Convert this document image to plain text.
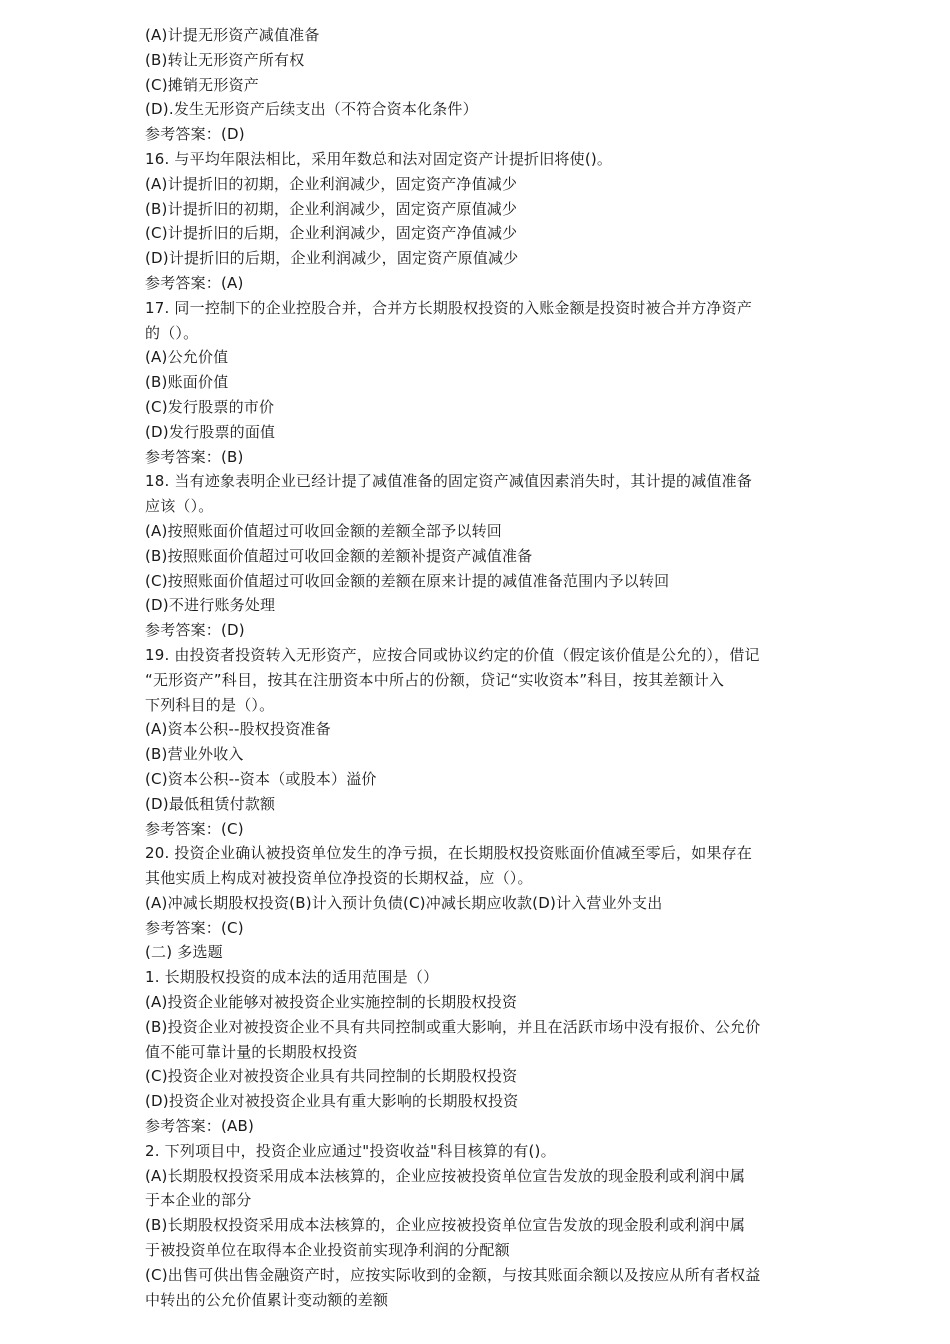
(A)计提无形资产减值准备
(B)转让无形资产所有权
(C)摊销无形资产
(D).发生无形资产后续支出（不符合资本化条件）
参考答案：(D)
16. 与平均年限法相比，采用年数总和法对固定资产计提折旧将使()。
(A)计提折旧的初期，企业利润减少，固定资产净值减少
(B)计提折旧的初期，企业利润减少，固定资产原值减少
(C)计提折旧的后期，企业利润减少，固定资产净值减少
(D)计提折旧的后期，企业利润减少，固定资产原值减少
参考答案：(A)
17. 同一控制下的企业控股合并，合并方长期股权投资的入账金额是投资时被合并方净资产
的（）。
(A)公允价值
(B)账面价值
(C)发行股票的市价
(D)发行股票的面值
参考答案：(B)
18. 当有迹象表明企业已经计提了减值准备的固定资产减值因素消失时，其计提的减值准备
应该（）。
(A)按照账面价值超过可收回金额的差额全部予以转回
(B)按照账面价值超过可收回金额的差额补提资产减值准备
(C)按照账面价值超过可收回金额的差额在原来计提的减值准备范围内予以转回
(D)不进行账务处理
参考答案：(D)
19. 由投资者投资转入无形资产，应按合同或协议约定的价值（假定该价值是公允的），借记
“无形资产”科目，按其在注册资本中所占的份额，贷记“实收资本”科目，按其差额计入
下列科目的是（）。
(A)资本公积--股权投资准备
(B)营业外收入
(C)资本公积--资本（或股本）溢价
(D)最低租赁付款额
参考答案：(C)
20. 投资企业确认被投资单位发生的净亏损，在长期股权投资账面价值减至零后，如果存在
其他实质上构成对被投资单位净投资的长期权益，应（）。
(A)冲减长期股权投资(B)计入预计负债(C)冲减长期应收款(D)计入营业外支出
参考答案：(C)
(二) 多选题
1. 长期股权投资的成本法的适用范围是（）
(A)投资企业能够对被投资企业实施控制的长期股权投资
(B)投资企业对被投资企业不具有共同控制或重大影响，并且在活跃市场中没有报价、公允价
值不能可靠计量的长期股权投资
(C)投资企业对被投资企业具有共同控制的长期股权投资
(D)投资企业对被投资企业具有重大影响的长期股权投资
参考答案：(AB)
2. 下列项目中，投资企业应通过"投资收益"科目核算的有()。
(A)长期股权投资采用成本法核算的，企业应按被投资单位宣告发放的现金股利或利润中属
于本企业的部分
(B)长期股权投资采用成本法核算的，企业应按被投资单位宣告发放的现金股利或利润中属
于被投资单位在取得本企业投资前实现净利润的分配额
(C)出售可供出售金融资产时，应按实际收到的金额，与按其账面余额以及按应从所有者权益
中转出的公允价值累计变动额的差额
